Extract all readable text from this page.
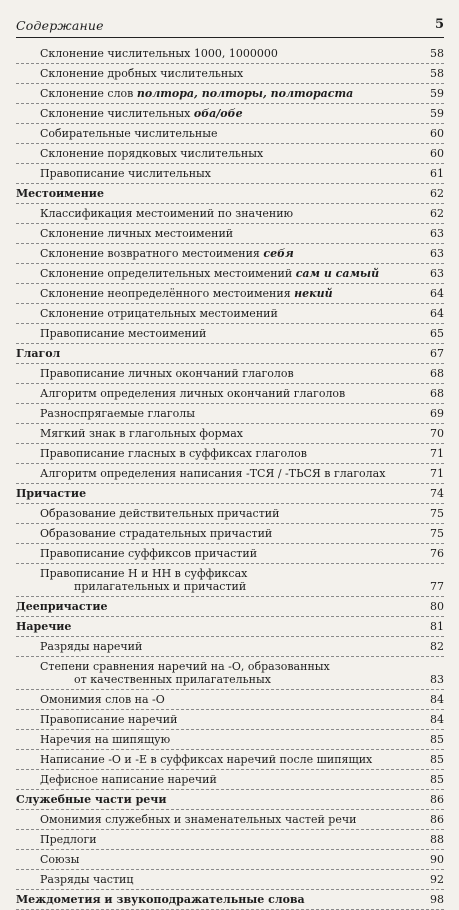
Содержание	5
Склонение числительных 1000, 1000000	58
Склонение дробных числительных	58
Склонение слов полтора, полторы, полтораста	59
Склонение числительных оба/обе	59
Собирательные числительные	60
Склонение порядковых числительных	60
Правописание числительных	61
Местоимение	62
Классификация местоимений по значению	62
Склонение личных местоимений	63
Склонение возвратного местоимения себя	63
Склонение определительных местоимений сам и самый	63
Склонение неопределённого местоимения некий	64
Склонение отрицательных местоимений	64
Правописание местоимений	65
Глагол	67
Правописание личных окончаний глаголов	68
Алгоритм определения личных окончаний глаголов	68
Разноспрягаемые глаголы	69
Мягкий знак в глагольных формах	70
Правописание гласных в суффиксах глаголов	71
Алгоритм определения написания -ТСЯ / -ТЬСЯ в глаголах	71
Причастие	74
Образование действительных причастий	75
Образование страдательных причастий	75
Правописание суффиксов причастий	76
Правописание Н и НН в суффиксах
прилагательных и причастий	77
Деепричастие	80
Наречие	81
Разряды наречий	82
Степени сравнения наречий на -О, образованных
от качественных прилагательных	83
Омонимия слов на -О	84
Правописание наречий	84
Наречия на шипящую	85
Написание -О и -Е в суффиксах наречий после шипящих	85
Дефисное написание наречий	85
Служебные части речи	86
Омонимия служебных и знаменательных частей речи	86
Предлоги	88
Союзы	90
Разряды частиц	92
Междометия и звукоподражательные слова	98
